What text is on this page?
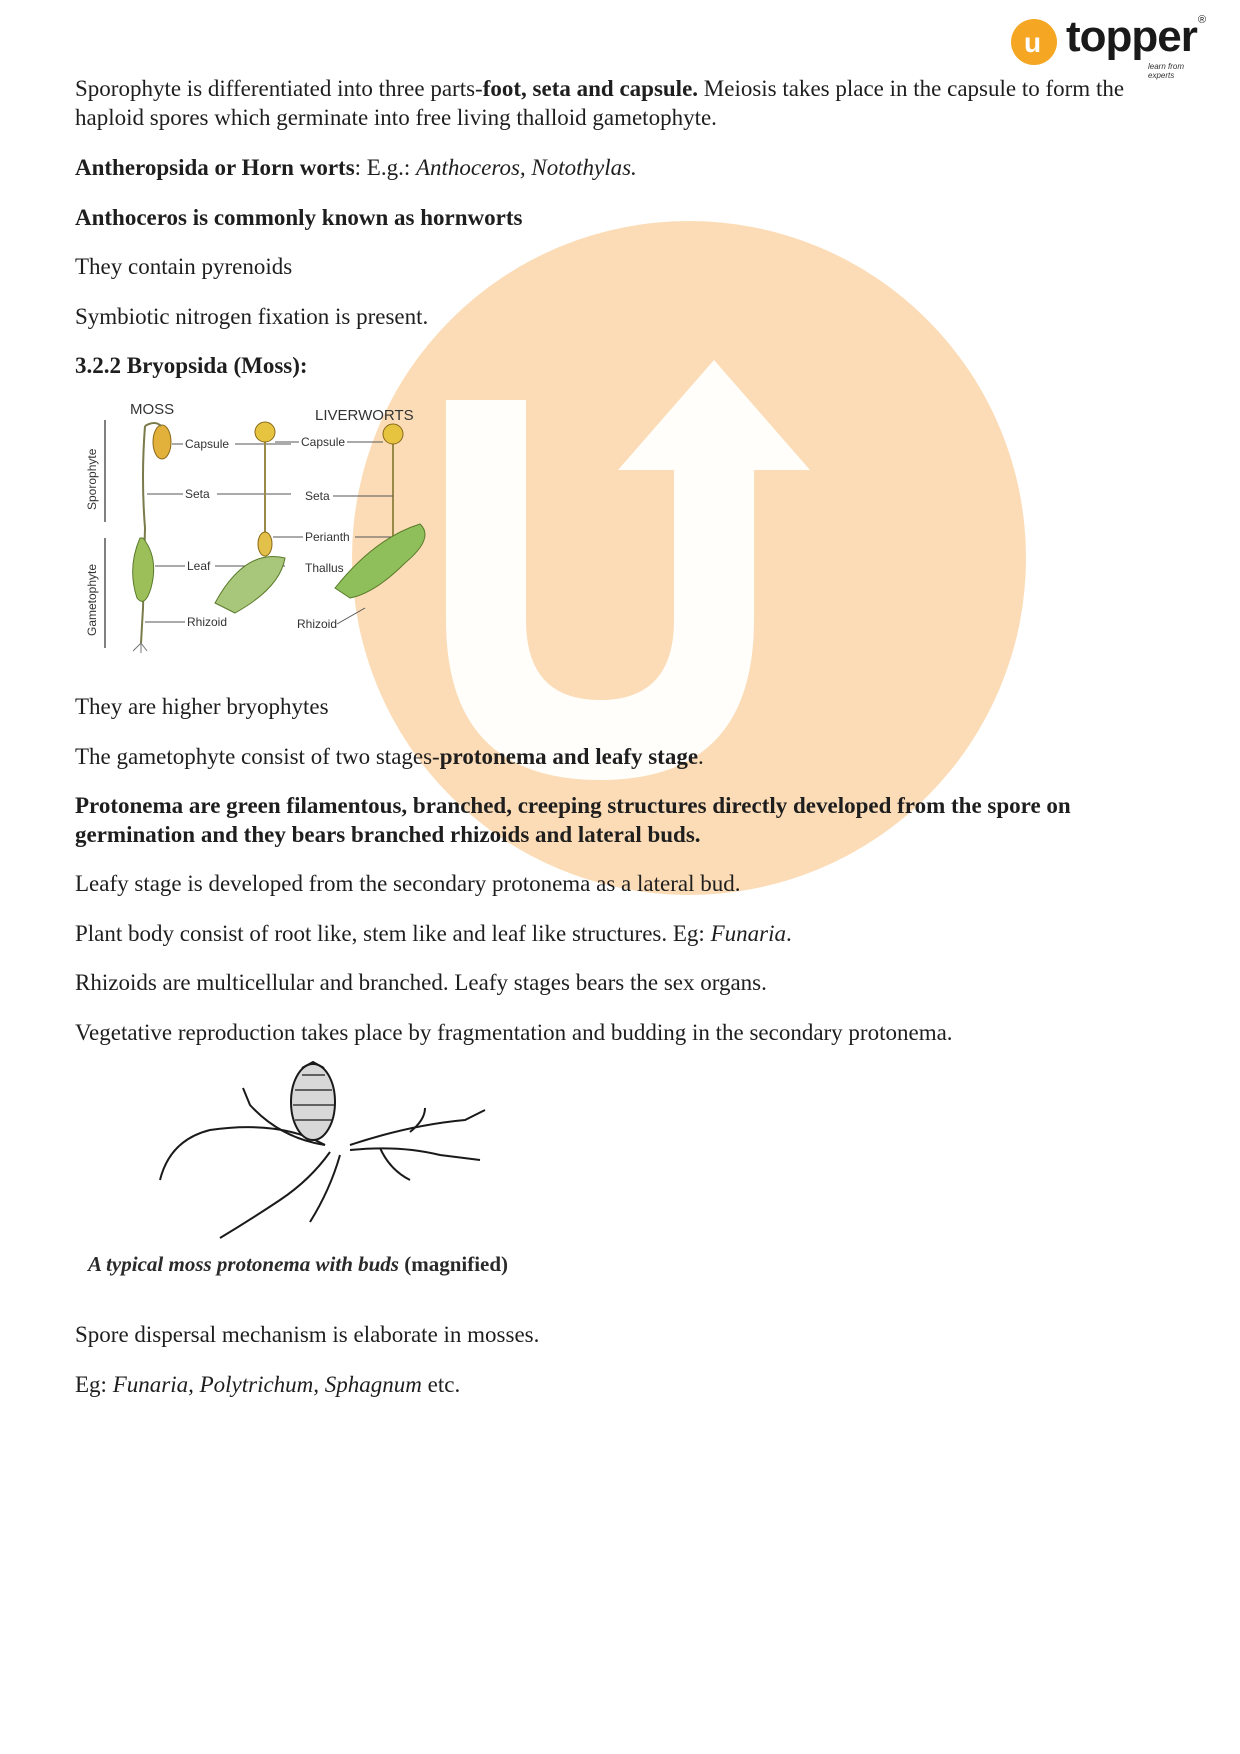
u topper ®
learn from experts

Sporophyte is differentiated into three parts-foot, seta and capsule. Meiosis takes place in the capsule to form the haploid spores which germinate into free living thalloid gametophyte.

Antheropsida or Horn worts: E.g.: Anthoceros, Notothylas.

Anthoceros is commonly known as hornworts

They contain pyrenoids

Symbiotic nitrogen fixation is present.

3.2.2 Bryopsida (Moss):

They are higher bryophytes

The gametophyte consist of two stages-protonema and leafy stage.

Protonema are green filamentous, branched, creeping structures directly developed from the spore on germination and they bears branched rhizoids and lateral buds.

Leafy stage is developed from the secondary protonema as a lateral bud.

Plant body consist of root like, stem like and leaf like structures. Eg: Funaria.

Rhizoids are multicellular and branched. Leafy stages bears the sex organs.

Vegetative reproduction takes place by fragmentation and budding in the secondary protonema.

Spore dispersal mechanism is elaborate in mosses.

Eg: Funaria, Polytrichum, Sphagnum etc.

Sporophyte
Gametophyte
MOSS	LIVERWORTS
Capsule
Seta
Leaf
Rhizoid
Capsule
Seta
Perianth
Thallus
Rhizoid
A typical moss protonema with buds (magnified)
